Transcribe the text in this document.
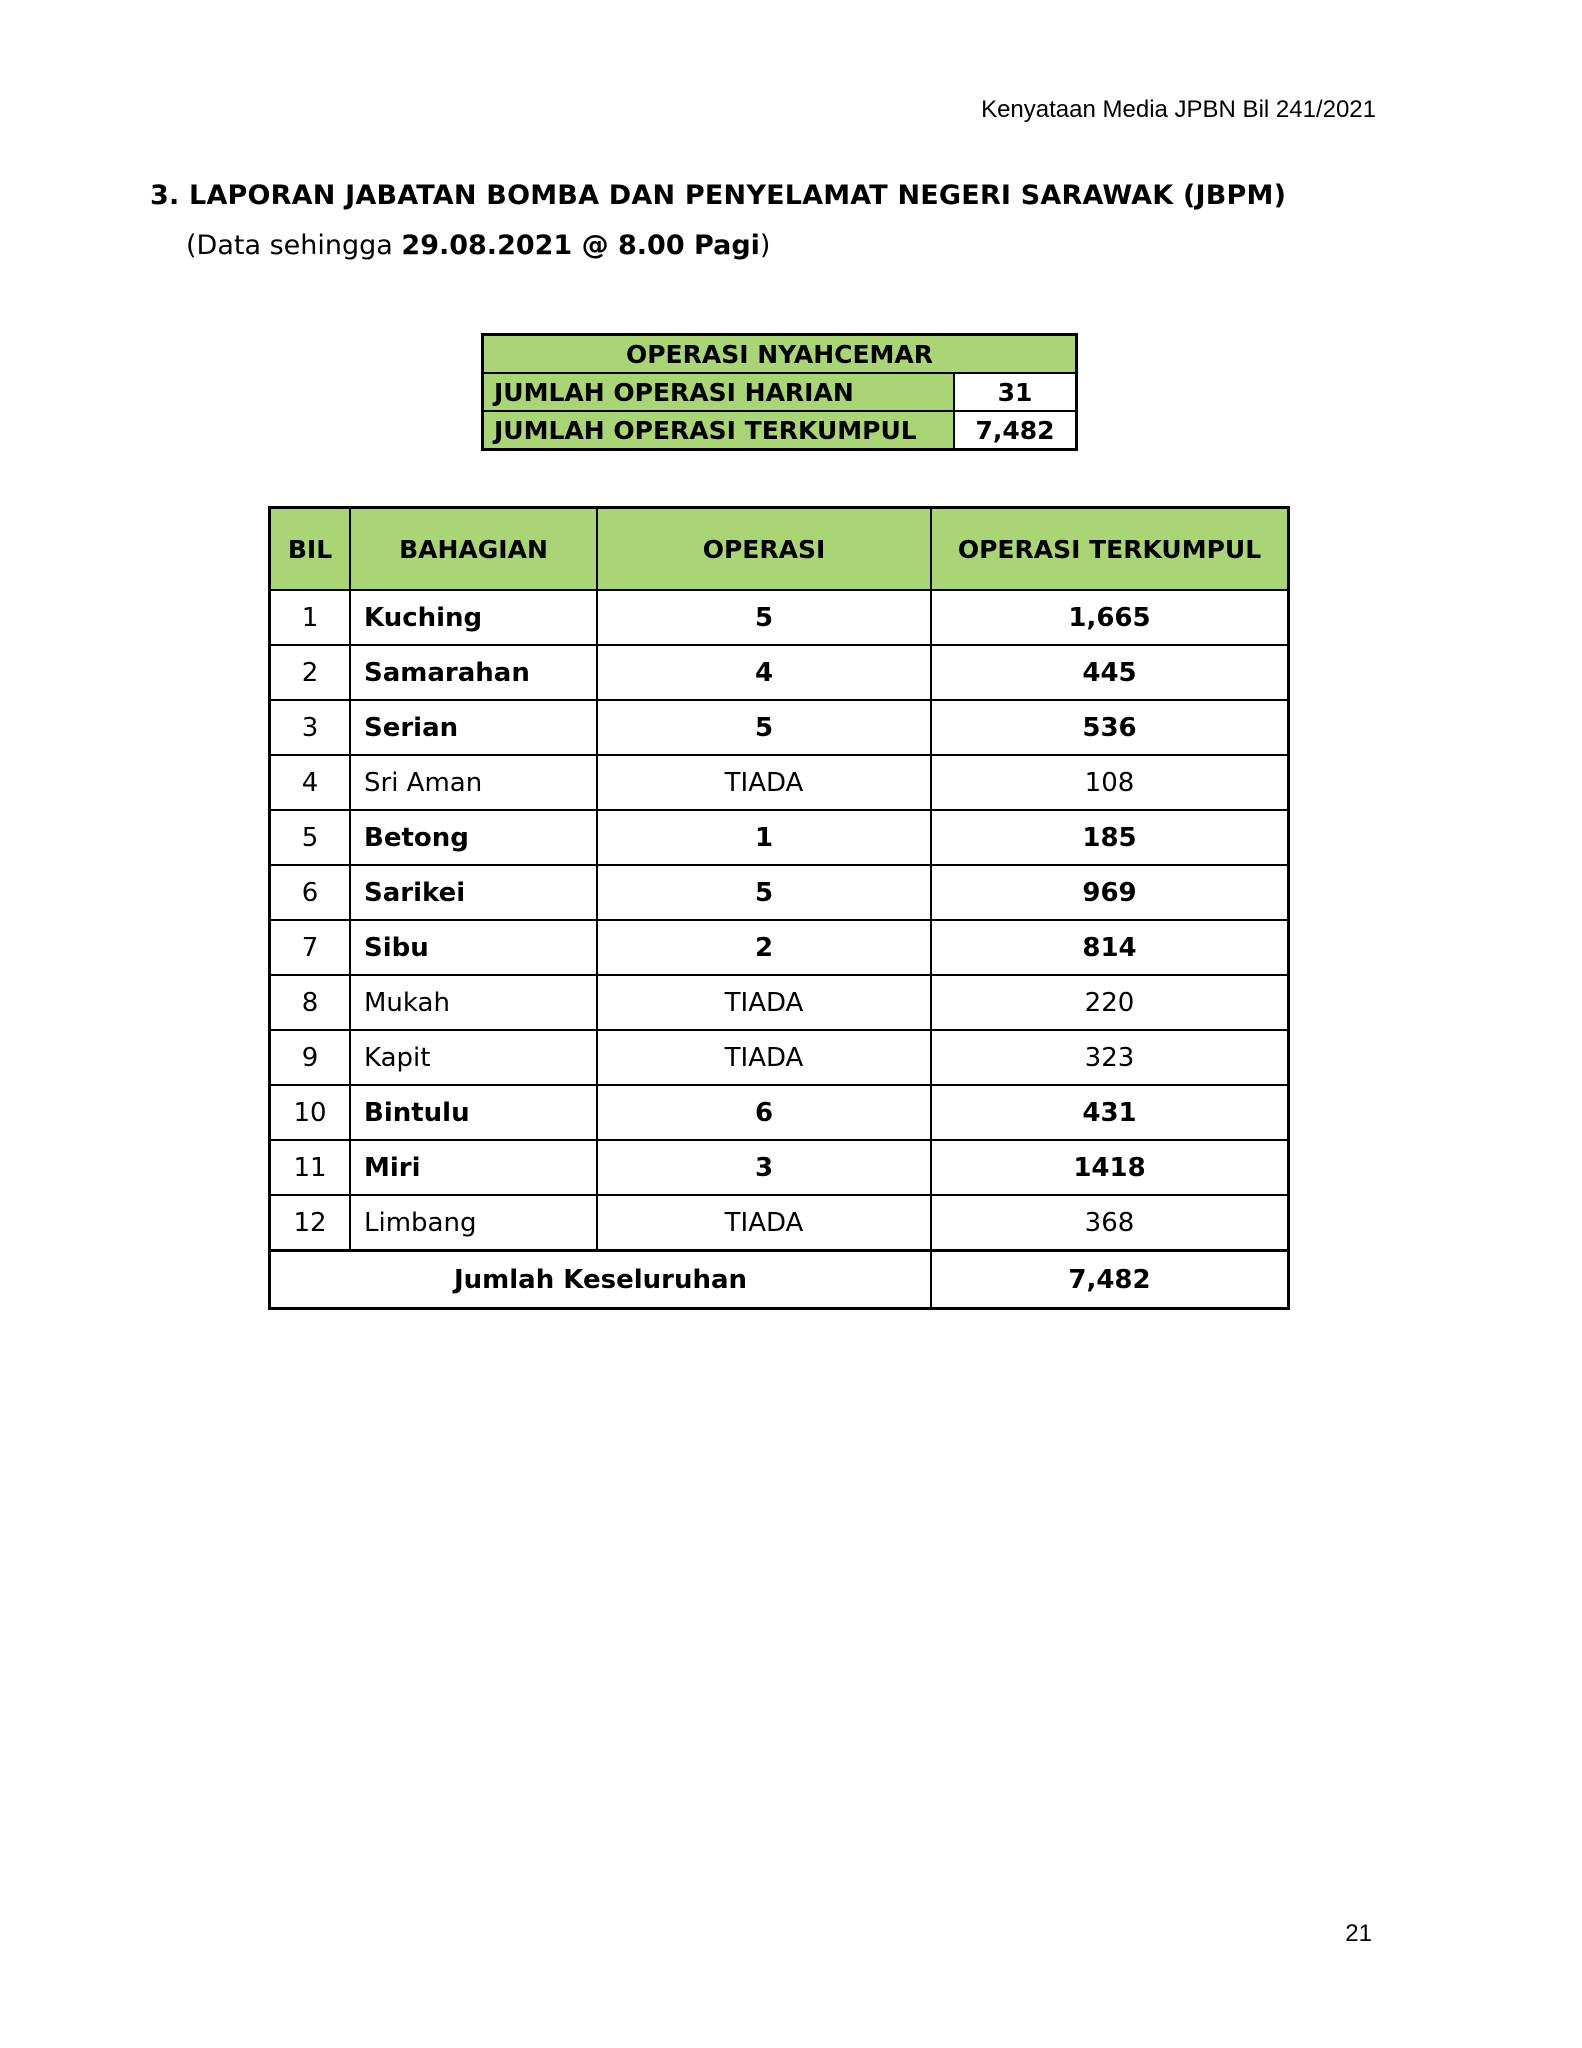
Kenyataan Media JPBN Bil 241/2021
3. LAPORAN JABATAN BOMBA DAN PENYELAMAT NEGERI SARAWAK (JBPM)
(Data sehingga 29.08.2021 @ 8.00 Pagi)
OPERASI NYAHCEMAR	
JUMLAH OPERASI HARIAN	31
JUMLAH OPERASI TERKUMPUL	7,482
BIL	BAHAGIAN	OPERASI	OPERASI TERKUMPUL
1	Kuching	5	1,665
2	Samarahan	4	445
3	Serian	5	536
4	Sri Aman	TIADA	108
5	Betong	1	185
6	Sarikei	5	969
7	Sibu	2	814
8	Mukah	TIADA	220
9	Kapit	TIADA	323
10	Bintulu	6	431
11	Miri	3	1418
12	Limbang	TIADA	368
Jumlah Keseluruhan			7,482
21
